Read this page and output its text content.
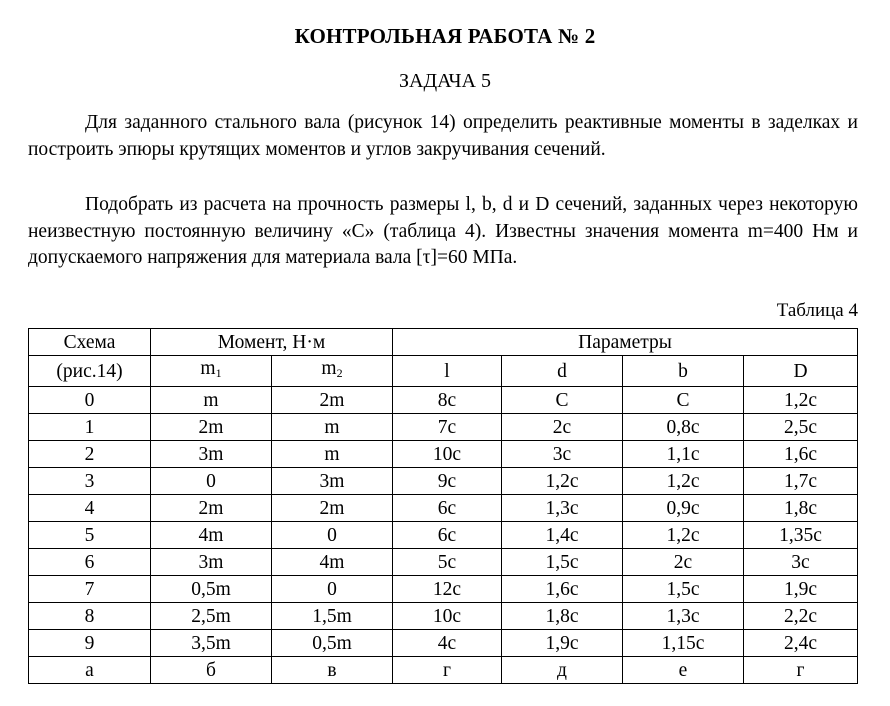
КОНТРОЛЬНАЯ РАБОТА № 2
ЗАДАЧА 5

Для заданного стального вала (рисунок 14) определить реактивные моменты в заделках и построить эпюры крутящих моментов и углов закручивания сечений.

Подобрать из расчета на прочность размеры l, b, d и D сечений, заданных через некоторую неизвестную постоянную величину «С» (таблица 4). Известны значения момента m=400 Нм и допускаемого напряжения для материала вала [τ]=60 МПа.

Таблица 4
Схема	Момент, Н·м		Параметры			
(рис.14)	$m_1$	$m_2$	l	d	b	D
0	m	2m	8c	C	C	1,2c
1	2m	m	7c	2c	0,8c	2,5c
2	3m	m	10c	3c	1,1c	1,6c
3	0	3m	9c	1,2c	1,2c	1,7c
4	2m	2m	6c	1,3c	0,9c	1,8c
5	4m	0	6c	1,4c	1,2c	1,35c
6	3m	4m	5c	1,5c	2c	3c
7	0,5m	0	12c	1,6c	1,5c	1,9c
8	2,5m	1,5m	10c	1,8c	1,3c	2,2c
9	3,5m	0,5m	4c	1,9c	1,15c	2,4c
а	б	в	г	д	е	г
